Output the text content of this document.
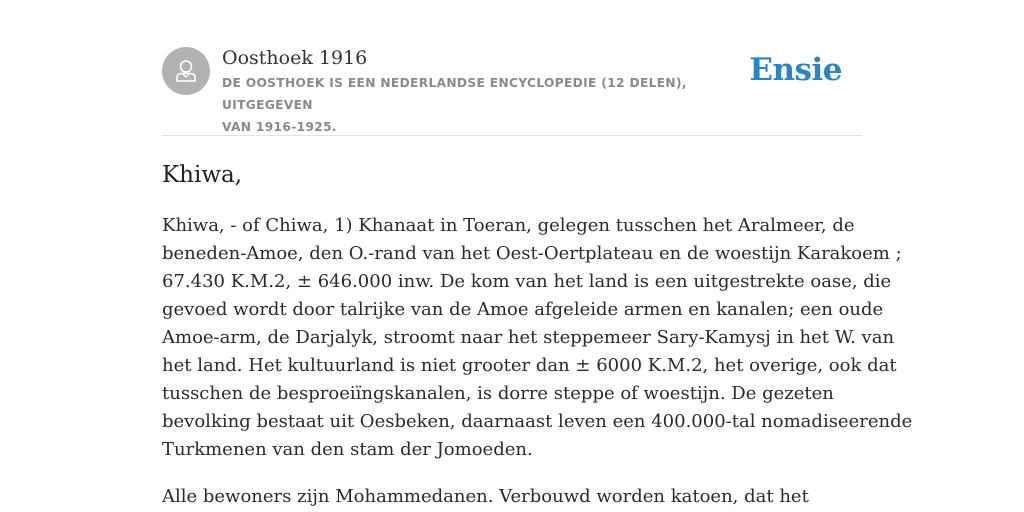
Oosthoek 1916
DE OOSTHOEK IS EEN NEDERLANDSE ENCYCLOPEDIE (12 DELEN), UITGEGEVEN
VAN 1916-1925.
Ensie
Khiwa,
Khiwa, - of Chiwa, 1) Khanaat in Toeran, gelegen tusschen het Aralmeer, de
beneden-Amoe, den O.-rand van het Oest-Oertplateau en de woestijn Karakoem ;
67.430 K.M.2, ± 646.000 inw. De kom van het land is een uitgestrekte oase, die
gevoed wordt door talrijke van de Amoe afgeleide armen en kanalen; een oude
Amoe-arm, de Darjalyk, stroomt naar het steppemeer Sary-Kamysj in het W. van
het land. Het kultuurland is niet grooter dan ± 6000 K.M.2, het overige, ook dat
tusschen de besproeiïngskanalen, is dorre steppe of woestijn. De gezeten
bevolking bestaat uit Oesbeken, daarnaast leven een 400.000-tal nomadiseerende
Turkmenen van den stam der Jomoeden.
Alle bewoners zijn Mohammedanen. Verbouwd worden katoen, dat het
